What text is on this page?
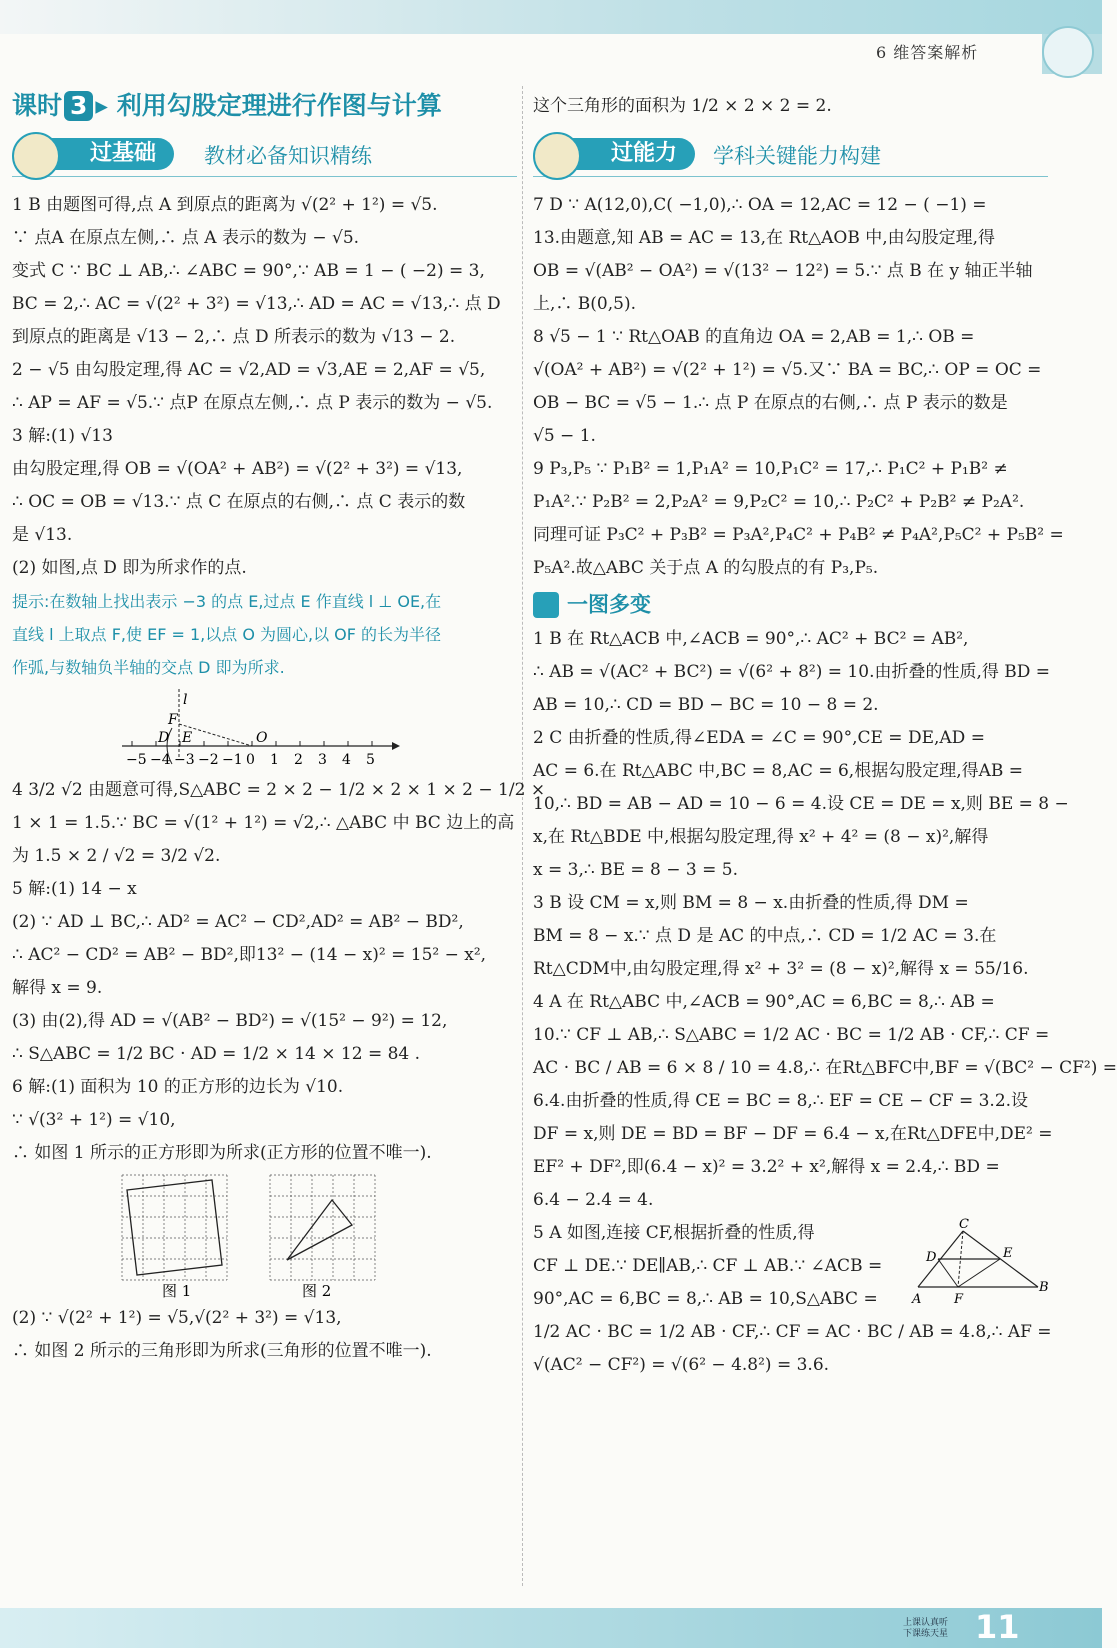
6 维答案解析
课时 3 ▸ 利用勾股定理进行作图与计算
过基础	教材必备知识精练
1 B 由题图可得,点 A 到原点的距离为 √(2² + 1²) = √5.
∵ 点A 在原点左侧,∴ 点 A 表示的数为 − √5.
变式 C ∵ BC ⊥ AB,∴ ∠ABC = 90°,∵ AB = 1 − ( −2) = 3,
BC = 2,∴ AC = √(2² + 3²) = √13,∴ AD = AC = √13,∴ 点 D
到原点的距离是 √13 − 2,∴ 点 D 所表示的数为 √13 − 2.
2 − √5 由勾股定理,得 AC = √2,AD = √3,AE = 2,AF = √5,
∴ AP = AF = √5.∵ 点P 在原点左侧,∴ 点 P 表示的数为 − √5.
3 解:(1) √13
由勾股定理,得 OB = √(OA² + AB²) = √(2² + 3²) = √13,
∴ OC = OB = √13.∵ 点 C 在原点的右侧,∴ 点 C 表示的数
是 √13.
(2) 如图,点 D 即为所求作的点.
提示:在数轴上找出表示 −3 的点 E,过点 E 作直线 l ⊥ OE,在
直线 l 上取点 F,使 EF = 1,以点 O 为圆心,以 OF 的长为半径
作弧,与数轴负半轴的交点 D 即为所求.
−5 −4 −3 −2 −1 0 1 2 3 4 5
l
F
D E	O
4 3/2 √2 由题意可得,S△ABC = 2 × 2 − 1/2 × 2 × 1 × 2 − 1/2 ×
1 × 1 = 1.5.∵ BC = √(1² + 1²) = √2,∴ △ABC 中 BC 边上的高
为 1.5 × 2 / √2 = 3/2 √2.
5 解:(1) 14 − x
(2) ∵ AD ⊥ BC,∴ AD² = AC² − CD²,AD² = AB² − BD²,
∴ AC² − CD² = AB² − BD²,即13² − (14 − x)² = 15² − x²,
解得 x = 9.
(3) 由(2),得 AD = √(AB² − BD²) = √(15² − 9²) = 12,
∴ S△ABC = 1/2 BC · AD = 1/2 × 14 × 12 = 84 .
6 解:(1) 面积为 10 的正方形的边长为 √10.
∵ √(3² + 1²) = √10,
∴ 如图 1 所示的正方形即为所求(正方形的位置不唯一).
图 1	图 2
(2) ∵ √(2² + 1²) = √5,√(2² + 3²) = √13,
∴ 如图 2 所示的三角形即为所求(三角形的位置不唯一).
这个三角形的面积为 1/2 × 2 × 2 = 2.
过能力	学科关键能力构建
7 D ∵ A(12,0),C( −1,0),∴ OA = 12,AC = 12 − ( −1) =
13.由题意,知 AB = AC = 13,在 Rt△AOB 中,由勾股定理,得
OB = √(AB² − OA²) = √(13² − 12²) = 5.∵ 点 B 在 y 轴正半轴
上,∴ B(0,5).
8 √5 − 1 ∵ Rt△OAB 的直角边 OA = 2,AB = 1,∴ OB =
√(OA² + AB²) = √(2² + 1²) = √5.又∵ BA = BC,∴ OP = OC =
OB − BC = √5 − 1.∴ 点 P 在原点的右侧,∴ 点 P 表示的数是
√5 − 1.
9 P₃,P₅ ∵ P₁B² = 1,P₁A² = 10,P₁C² = 17,∴ P₁C² + P₁B² ≠
P₁A².∵ P₂B² = 2,P₂A² = 9,P₂C² = 10,∴ P₂C² + P₂B² ≠ P₂A².
同理可证 P₃C² + P₃B² = P₃A²,P₄C² + P₄B² ≠ P₄A²,P₅C² + P₅B² =
P₅A².故△ABC 关于点 A 的勾股点的有 P₃,P₅.
一图多变
1 B 在 Rt△ACB 中,∠ACB = 90°,∴ AC² + BC² = AB²,
∴ AB = √(AC² + BC²) = √(6² + 8²) = 10.由折叠的性质,得 BD =
AB = 10,∴ CD = BD − BC = 10 − 8 = 2.
2 C 由折叠的性质,得∠EDA = ∠C = 90°,CE = DE,AD =
AC = 6.在 Rt△ABC 中,BC = 8,AC = 6,根据勾股定理,得AB =
10,∴ BD = AB − AD = 10 − 6 = 4.设 CE = DE = x,则 BE = 8 −
x,在 Rt△BDE 中,根据勾股定理,得 x² + 4² = (8 − x)²,解得
x = 3,∴ BE = 8 − 3 = 5.
3 B 设 CM = x,则 BM = 8 − x.由折叠的性质,得 DM =
BM = 8 − x.∵ 点 D 是 AC 的中点,∴ CD = 1/2 AC = 3.在
Rt△CDM中,由勾股定理,得 x² + 3² = (8 − x)²,解得 x = 55/16.
4 A 在 Rt△ABC 中,∠ACB = 90°,AC = 6,BC = 8,∴ AB =
10.∵ CF ⊥ AB,∴ S△ABC = 1/2 AC · BC = 1/2 AB · CF,∴ CF =
AC · BC / AB = 6 × 8 / 10 = 4.8,∴ 在Rt△BFC中,BF = √(BC² − CF²) =
6.4.由折叠的性质,得 CE = BC = 8,∴ EF = CE − CF = 3.2.设
DF = x,则 DE = BD = BF − DF = 6.4 − x,在Rt△DFE中,DE² =
EF² + DF²,即(6.4 − x)² = 3.2² + x²,解得 x = 2.4,∴ BD =
6.4 − 2.4 = 4.
5 A 如图,连接 CF,根据折叠的性质,得
CF ⊥ DE.∵ DE∥AB,∴ CF ⊥ AB.∵ ∠ACB =
90°,AC = 6,BC = 8,∴ AB = 10,S△ABC =
1/2 AC · BC = 1/2 AB · CF,∴ CF = AC · BC / AB = 4.8,∴ AF =
√(AC² − CF²) = √(6² − 4.8²) = 3.6.
C
D	E
A	F
B
上课认真听
下课练天星 11
